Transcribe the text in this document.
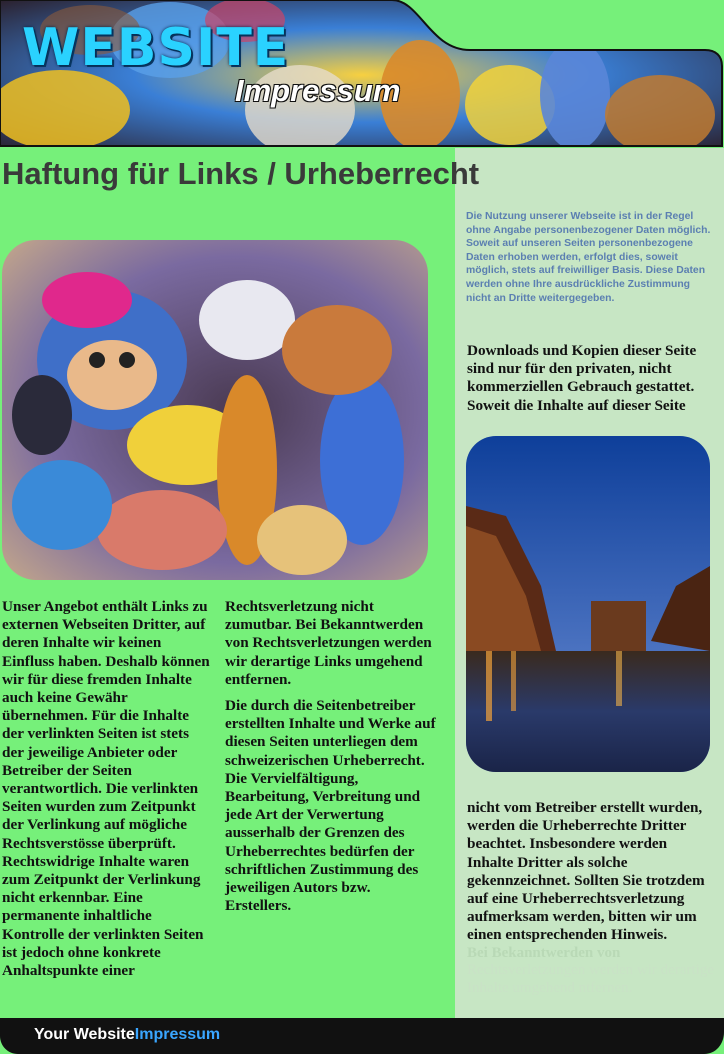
WEBSITE
Impressum
Haftung für Links / Urheberrecht

Die Nutzung unserer Webseite ist in der Regel ohne Angabe personenbezogener Daten möglich. Soweit auf unseren Seiten personenbezogene Daten erhoben werden, erfolgt dies, soweit möglich, stets auf freiwilliger Basis. Diese Daten werden ohne Ihre ausdrückliche Zustimmung nicht an Dritte weitergegeben.

Downloads und Kopien dieser Seite sind nur für den privaten, nicht kommerziellen Gebrauch gestattet. Soweit die Inhalte auf dieser Seite

Unser Angebot enthält Links zu externen Webseiten Dritter, auf deren Inhalte wir keinen Einfluss haben. Deshalb können wir für diese fremden Inhalte auch keine Gewähr übernehmen. Für die Inhalte der verlinkten Seiten ist stets der jeweilige Anbieter oder Betreiber der Seiten verantwortlich. Die verlinkten Seiten wurden zum Zeitpunkt der Verlinkung auf mögliche Rechtsverstösse überprüft. Rechtswidrige Inhalte waren zum Zeitpunkt der Verlinkung nicht erkennbar. Eine permanente inhaltliche Kontrolle der verlinkten Seiten ist jedoch ohne konkrete Anhaltspunkte einer

Rechtsverletzung nicht zumutbar. Bei Bekanntwerden von Rechtsverletzungen werden wir derartige Links umgehend entfernen.

Die durch die Seitenbetreiber erstellten Inhalte und Werke auf diesen Seiten unterliegen dem schweizerischen Urheberrecht. Die Vervielfältigung, Bearbeitung, Verbreitung und jede Art der Verwertung ausserhalb der Grenzen des Urheberrechtes bedürfen der schriftlichen Zustimmung des jeweiligen Autors bzw. Erstellers.

nicht vom Betreiber erstellt wurden, werden die Urheberrechte Dritter beachtet. Insbesondere werden Inhalte Dritter als solche gekennzeichnet. Sollten Sie trotzdem auf eine Urheberrechtsverletzung aufmerksam werden, bitten wir um einen entsprechenden Hinweis.

Bei Bekanntwerden von
Rechtsverletzungen werden wir derartige Inhalte umgehend ntfernen.
Your WebsiteImpressum
